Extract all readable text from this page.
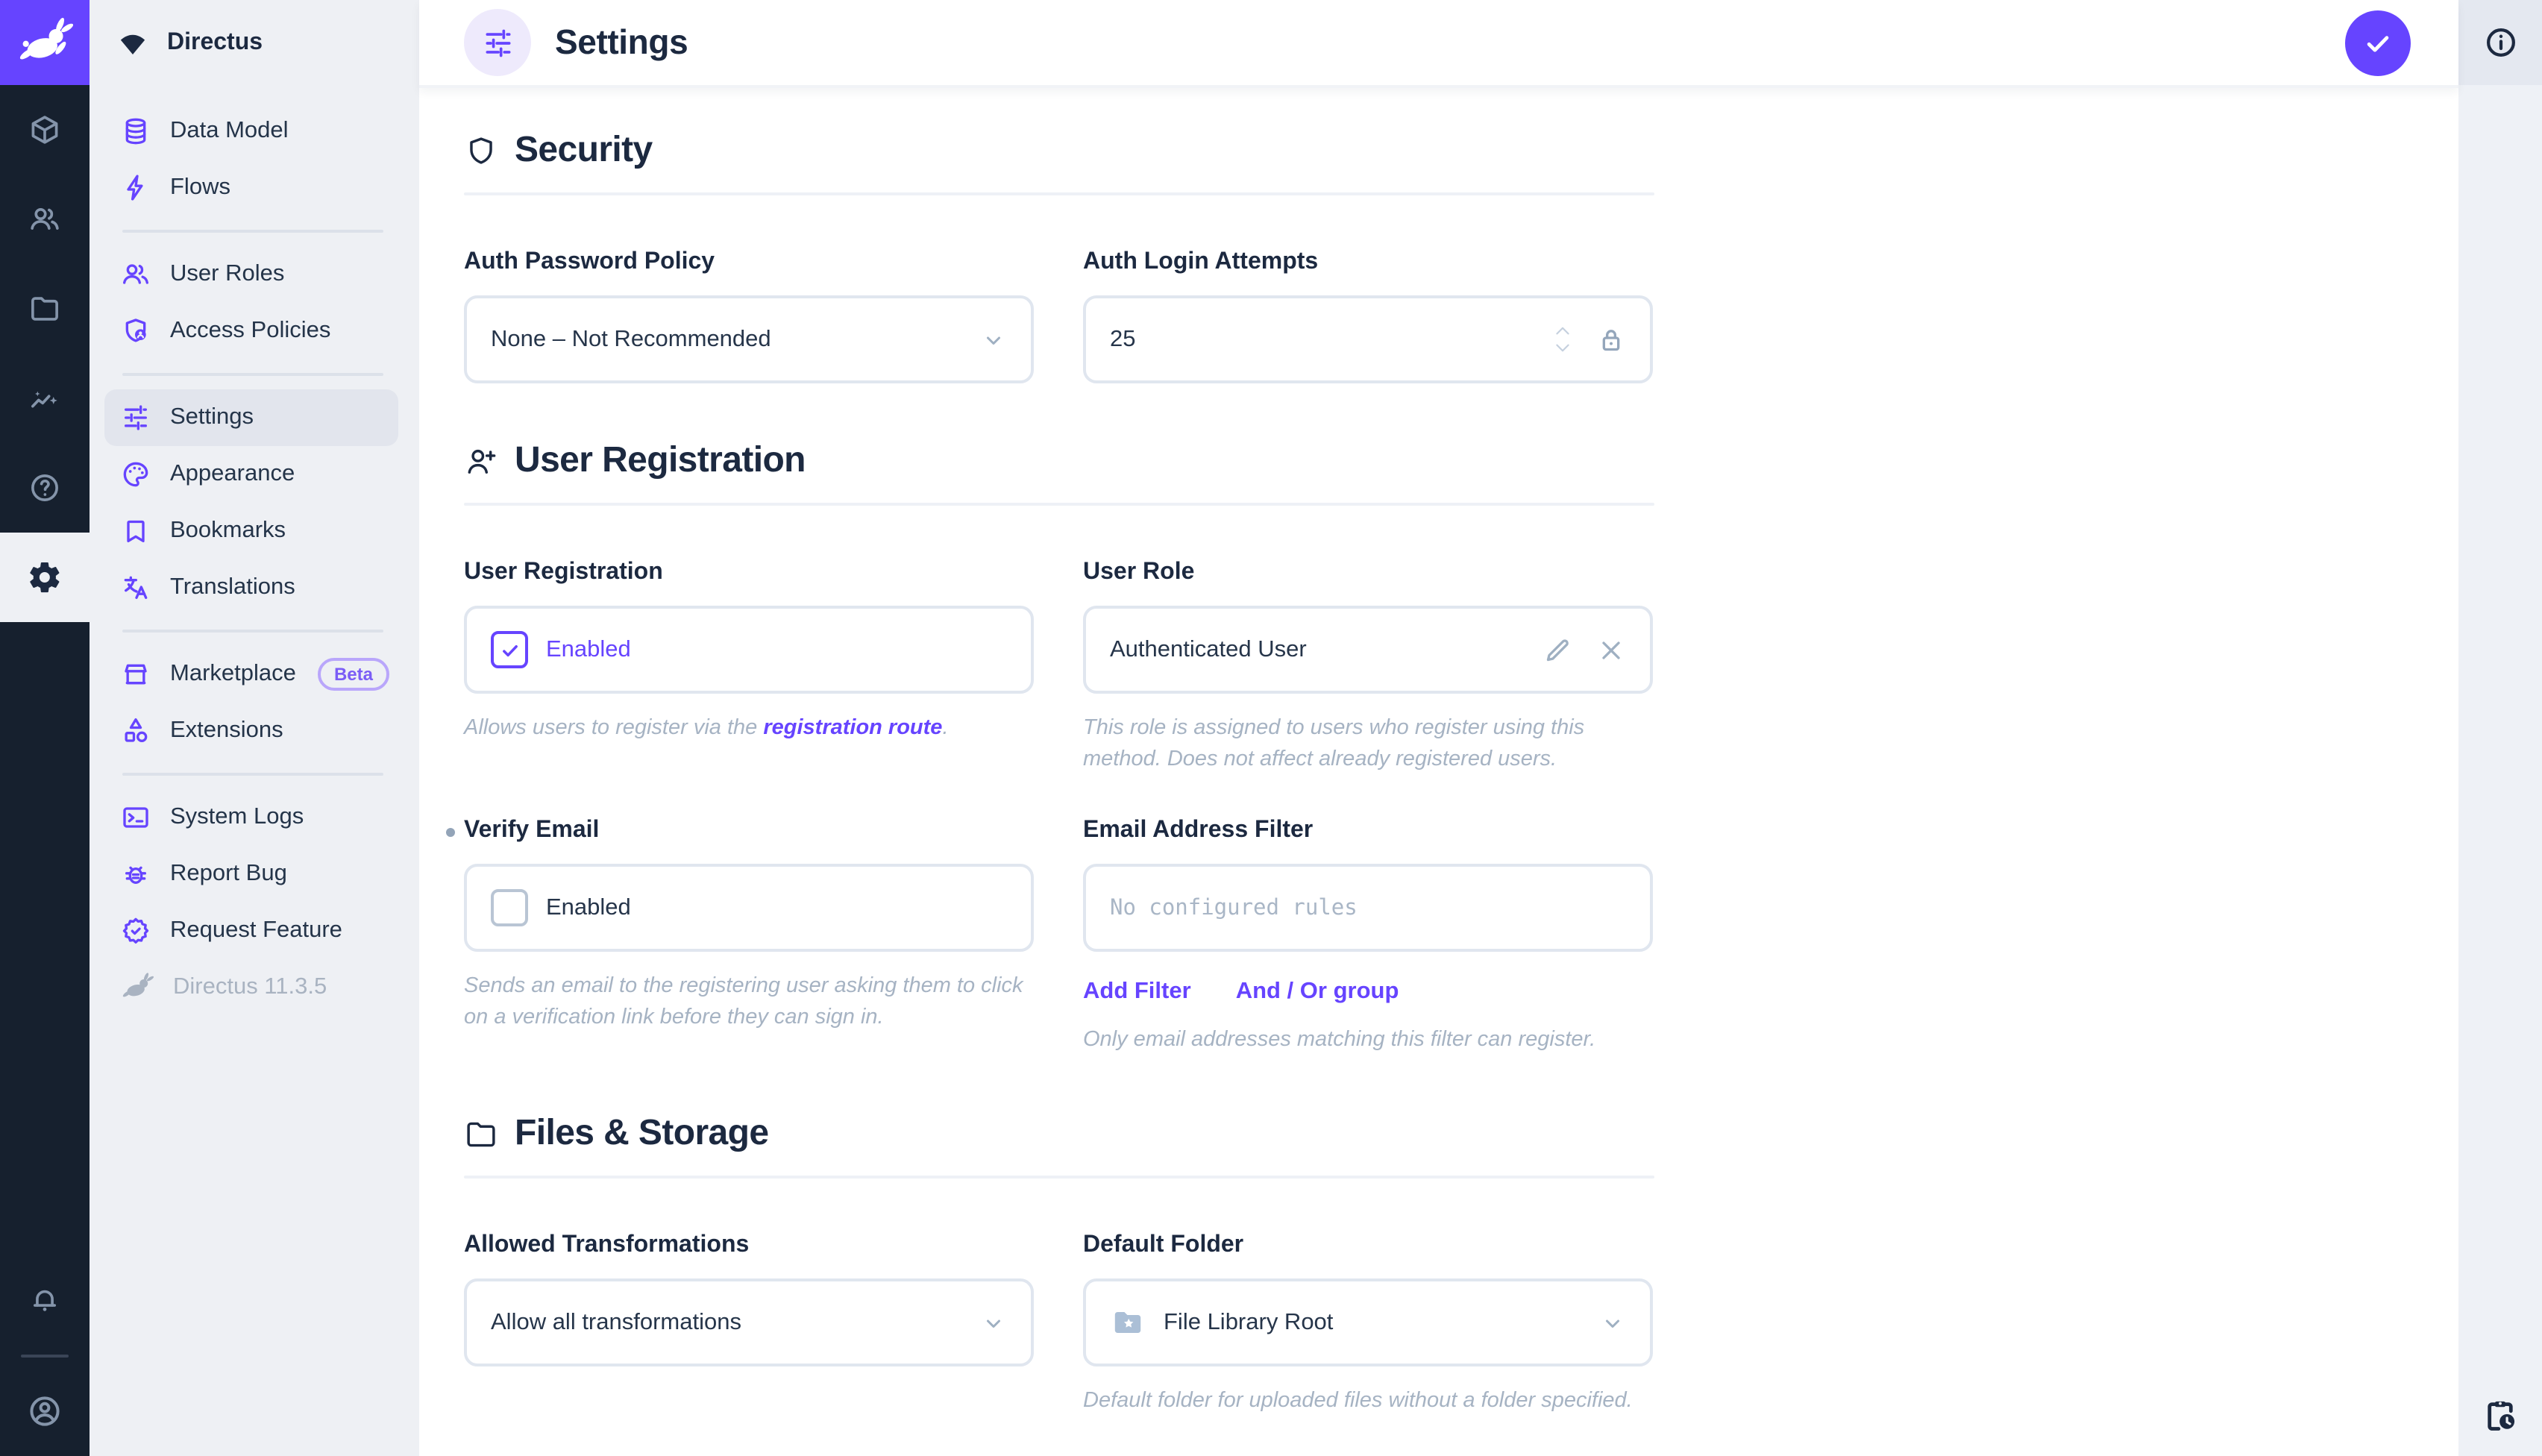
Directus
Data Model
Flows
User Roles
Access Policies
Settings
Appearance
Bookmarks
Translations
Marketplace	Beta
Extensions
System Logs
Report Bug
Request Feature
Directus 11.3.5
Settings
Security
Auth Password Policy
None – Not Recommended
Auth Login Attempts
25
User Registration
User Registration
Enabled
Allows users to register via the registration route.
User Role
Authenticated User
This role is assigned to users who register using this method. Does not affect already registered users.
Verify Email
Enabled
Sends an email to the registering user asking them to click on a verification link before they can sign in.
Email Address Filter
No configured rules
Add Filter	And / Or group
Only email addresses matching this filter can register.
Files & Storage
Allowed Transformations
Allow all transformations
Default Folder
File Library Root
Default folder for uploaded files without a folder specified.
